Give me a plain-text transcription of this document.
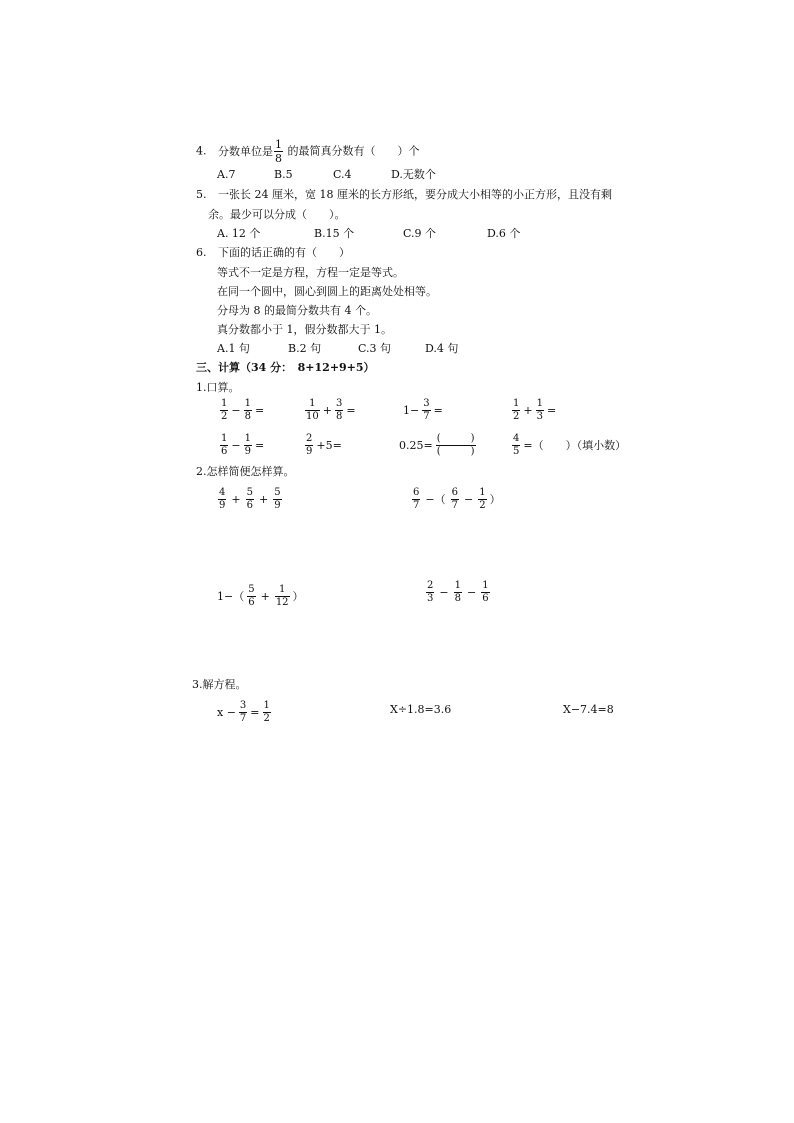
4. 分数单位是 $\frac{1}{8}$ 的最简真分数有（　　）个
A.7	B.5	C.4	D.无数个
5. 一张长 24 厘米，宽 18 厘米的长方形纸，要分成大小相等的小正方形，且没有剩
余。最少可以分成（　　）。
A. 12 个	B.15 个	C.9 个	D.6 个
6. 下面的话正确的有（　　）
等式不一定是方程，方程一定是等式。
在同一个圆中，圆心到圆上的距离处处相等。
分母为 8 的最简分数共有 4 个。
真分数都小于 1，假分数都大于 1。
A.1 句	B.2 句	C.3 句	D.4 句
三、计算（34 分：　8+12+9+5）
1.口算。
$\frac{1}{2} - \frac{1}{8}$ =	$\frac{1}{10} + \frac{3}{8}$ =	$1- \frac{3}{7}$ =	$\frac{1}{2} + \frac{1}{3}$ =
$\frac{1}{6} - \frac{1}{9}$ =	$\frac{2}{9} +5=$	$0.25= \frac{( )}{( )}$	$\frac{4}{5}$ =（　　）（填小数）
2.怎样简便怎样算。
$\frac{4}{9} + \frac{5}{6} + \frac{5}{9}$	$\frac{6}{7}$ −（ $\frac{6}{7} - \frac{1}{2}$ ）
$1-( \frac{5}{6} + \frac{1}{12}$ ）	$\frac{2}{3} - \frac{1}{8} - \frac{1}{6}$
3.解方程。
$x - \frac{3}{7} = \frac{1}{2}$	X÷1.8=3.6	X−7.4=8
